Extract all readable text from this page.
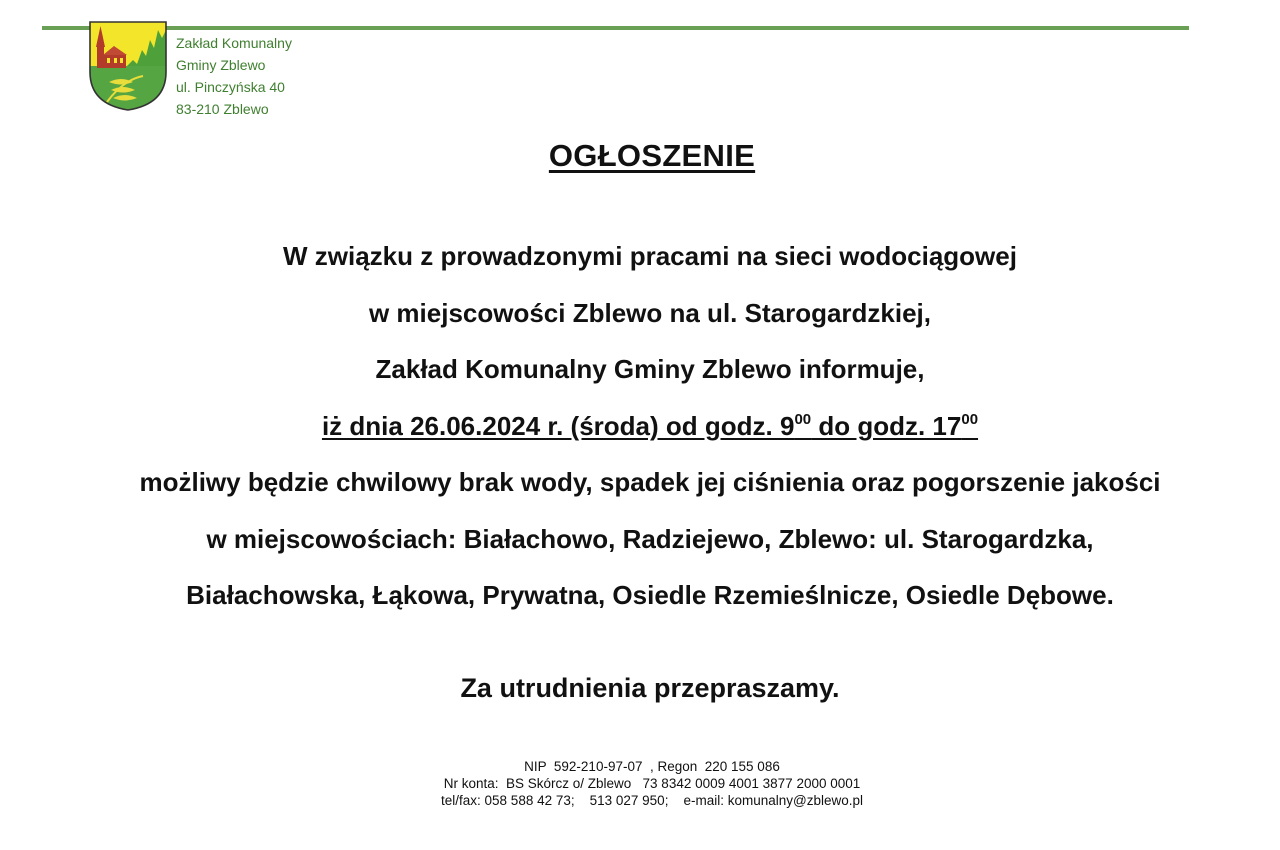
Zakład Komunalny
Gminy Zblewo
ul. Pinczyńska 40
83-210 Zblewo
OGŁOSZENIE
W związku z prowadzonymi pracami na sieci wodociągowej
w miejscowości Zblewo na ul. Starogardzkiej,
Zakład Komunalny Gminy Zblewo informuje,
iż dnia 26.06.2024 r. (środa) od godz. $9^{00}$ do godz. $17^{00}$
możliwy będzie chwilowy brak wody, spadek jej ciśnienia oraz pogorszenie jakości
w miejscowościach: Białachowo, Radziejewo, Zblewo: ul. Starogardzka,
Białachowska, Łąkowa, Prywatna, Osiedle Rzemieślnicze, Osiedle Dębowe.
Za utrudnienia przepraszamy.
NIP  592-210-97-07  , Regon  220 155 086
Nr konta:  BS Skórcz o/ Zblewo   73 8342 0009 4001 3877 2000 0001
tel/fax: 058 588 42 73;    513 027 950;    e-mail: komunalny@zblewo.pl
